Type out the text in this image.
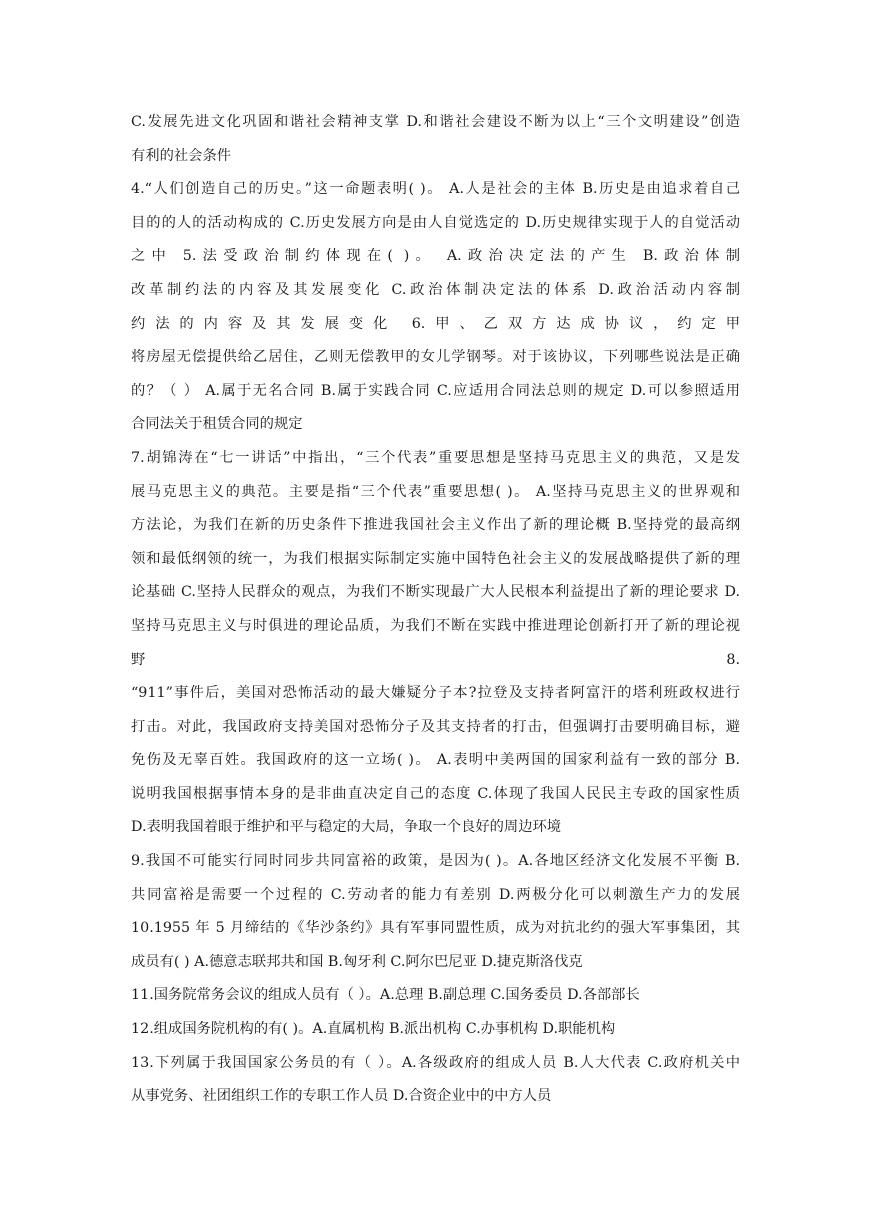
C.发展先进文化巩固和谐社会精神支掌 D.和谐社会建设不断为以上“三个文明建设”创造
有利的社会条件
4.“人们创造自己的历史。”这一命题表明( )。 A.人是社会的主体 B.历史是由追求着自己
目的的人的活动构成的 C.历史发展方向是由人自觉选定的 D.历史规律实现于人的自觉活动
之中 5.法受政治制约体现在( )。 A.政治决定法的产生 B.政治体制
改革制约法的内容及其发展变化 C.政治体制决定法的体系 D.政治活动内容制
约法的内容及其发展变化 6.甲、乙双方达成协议，约定甲
将房屋无偿提供给乙居住，乙则无偿教甲的女儿学钢琴。对于该协议，下列哪些说法是正确
的？（ ） A.属于无名合同 B.属于实践合同 C.应适用合同法总则的规定 D.可以参照适用
合同法关于租赁合同的规定
7.胡锦涛在“七一讲话”中指出，“三个代表”重要思想是坚持马克思主义的典范，又是发
展马克思主义的典范。主要是指“三个代表”重要思想( )。 A.坚持马克思主义的世界观和
方法论，为我们在新的历史条件下推进我国社会主义作出了新的理论概 B.坚持党的最高纲
领和最低纲领的统一，为我们根据实际制定实施中国特色社会主义的发展战略提供了新的理
论基础 C.坚持人民群众的观点，为我们不断实现最广大人民根本利益提出了新的理论要求 D.
坚持马克思主义与时俱进的理论品质，为我们不断在实践中推进理论创新打开了新的理论视
野 8.
“911”事件后，美国对恐怖活动的最大嫌疑分子本?拉登及支持者阿富汗的塔利班政权进行
打击。对此，我国政府支持美国对恐怖分子及其支持者的打击，但强调打击要明确目标，避
免伤及无辜百姓。我国政府的这一立场( )。 A.表明中美两国的国家利益有一致的部分 B.
说明我国根据事情本身的是非曲直决定自己的态度 C.体现了我国人民民主专政的国家性质
D.表明我国着眼于维护和平与稳定的大局，争取一个良好的周边环境
9.我国不可能实行同时同步共同富裕的政策，是因为( )。A.各地区经济文化发展不平衡 B.
共同富裕是需要一个过程的 C.劳动者的能力有差别 D.两极分化可以刺激生产力的发展
10.1955 年 5 月缔结的《华沙条约》具有军事同盟性质，成为对抗北约的强大军事集团，其
成员有( ) A.德意志联邦共和国 B.匈牙利 C.阿尔巴尼亚 D.捷克斯洛伐克
11.国务院常务会议的组成人员有（ ）。A.总理 B.副总理 C.国务委员 D.各部部长
12.组成国务院机构的有( )。A.直属机构 B.派出机构 C.办事机构 D.职能机构
13.下列属于我国国家公务员的有（ ）。A.各级政府的组成人员 B.人大代表 C.政府机关中
从事党务、社团组织工作的专职工作人员 D.合资企业中的中方人员
